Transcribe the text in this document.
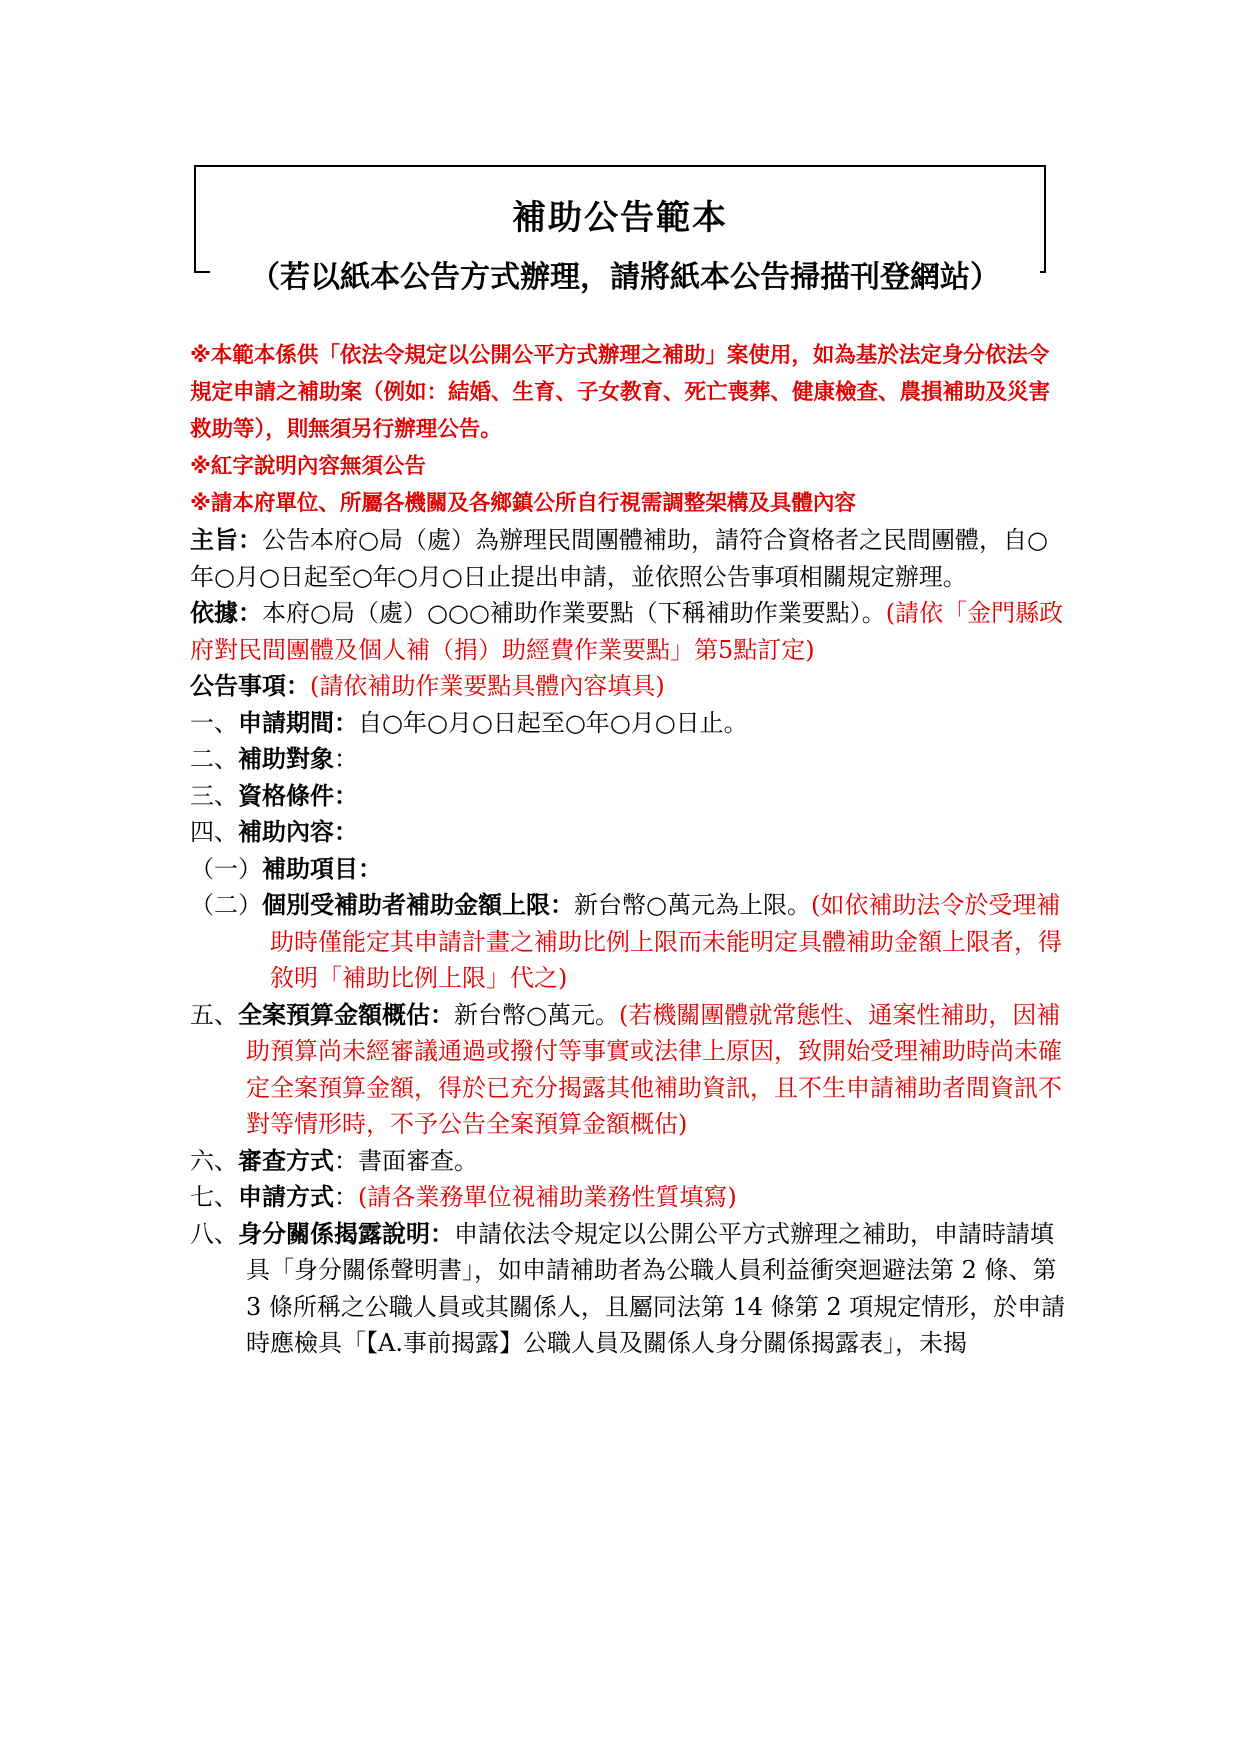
補助公告範本
（若以紙本公告方式辦理，請將紙本公告掃描刊登網站）

※本範本係供「依法令規定以公開公平方式辦理之補助」案使用，如為基於法定身分依法令規定申請之補助案（例如：結婚、生育、子女教育、死亡喪葬、健康檢查、農損補助及災害救助等），則無須另行辦理公告。

※紅字說明內容無須公告

※請本府單位、所屬各機關及各鄉鎮公所自行視需調整架構及具體內容

主旨：公告本府○局（處）為辦理民間團體補助，請符合資格者之民間團體，自○年○月○日起至○年○月○日止提出申請，並依照公告事項相關規定辦理。

依據：本府○局（處）○○○補助作業要點（下稱補助作業要點）。(請依「金門縣政府對民間團體及個人補（捐）助經費作業要點」第5點訂定)

公告事項：(請依補助作業要點具體內容填具)

一、申請期間：自○年○月○日起至○年○月○日止。

二、補助對象：

三、資格條件：

四、補助內容：

（一）補助項目：

（二）個別受補助者補助金額上限：新台幣○萬元為上限。(如依補助法令於受理補助時僅能定其申請計畫之補助比例上限而未能明定具體補助金額上限者，得敘明「補助比例上限」代之)

五、全案預算金額概估：新台幣○萬元。(若機關團體就常態性、通案性補助，因補助預算尚未經審議通過或撥付等事實或法律上原因，致開始受理補助時尚未確定全案預算金額，得於已充分揭露其他補助資訊，且不生申請補助者間資訊不對等情形時，不予公告全案預算金額概估)

六、審查方式：書面審查。

七、申請方式：(請各業務單位視補助業務性質填寫)

八、身分關係揭露說明：申請依法令規定以公開公平方式辦理之補助，申請時請填具「身分關係聲明書」，如申請補助者為公職人員利益衝突迴避法第 2 條、第 3 條所稱之公職人員或其關係人，且屬同法第 14 條第 2 項規定情形，於申請時應檢具「【A.事前揭露】公職人員及關係人身分關係揭露表」，未揭
